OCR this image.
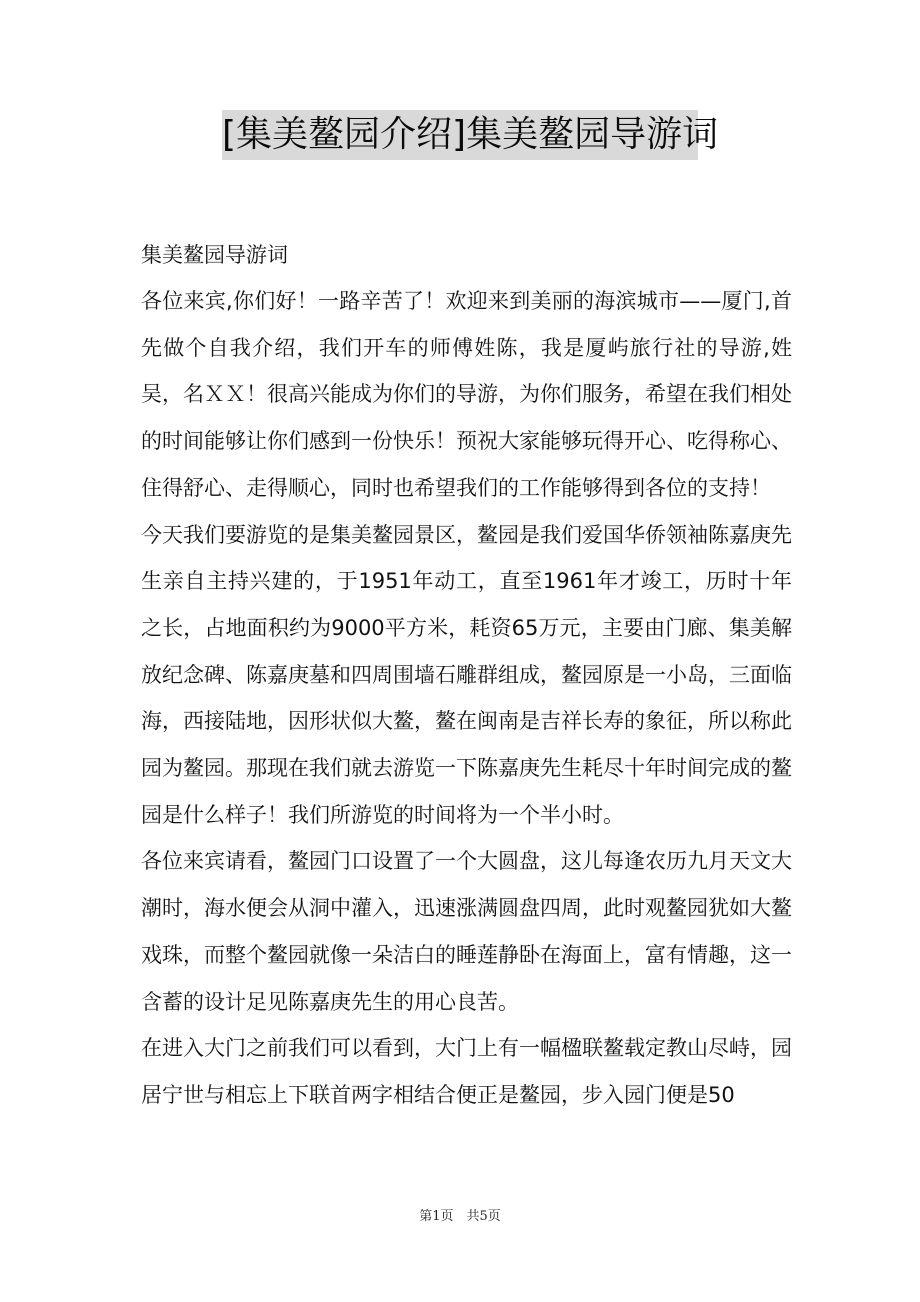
[集美鳌园介绍]集美鳌园导游词
集美鳌园导游词

各位来宾,你们好！一路辛苦了！欢迎来到美丽的海滨城市——厦门,首先做个自我介绍，我们开车的师傅姓陈，我是厦屿旅行社的导游,姓吴，名ＸＸ！很高兴能成为你们的导游，为你们服务，希望在我们相处的时间能够让你们感到一份快乐！预祝大家能够玩得开心、吃得称心、住得舒心、走得顺心，同时也希望我们的工作能够得到各位的支持！

今天我们要游览的是集美鳌园景区，鳌园是我们爱国华侨领袖陈嘉庚先生亲自主持兴建的，于1951年动工，直至1961年才竣工，历时十年之长，占地面积约为9000平方米，耗资65万元，主要由门廊、集美解放纪念碑、陈嘉庚墓和四周围墙石雕群组成，鳌园原是一小岛，三面临海，西接陆地，因形状似大鳌，鳌在闽南是吉祥长寿的象征，所以称此园为鳌园。那现在我们就去游览一下陈嘉庚先生耗尽十年时间完成的鳌园是什么样子！我们所游览的时间将为一个半小时。

各位来宾请看，鳌园门口设置了一个大圆盘，这儿每逢农历九月天文大潮时，海水便会从洞中灌入，迅速涨满圆盘四周，此时观鳌园犹如大鳌戏珠，而整个鳌园就像一朵洁白的睡莲静卧在海面上，富有情趣，这一含蓄的设计足见陈嘉庚先生的用心良苦。

在进入大门之前我们可以看到，大门上有一幅楹联鳌载定教山尽峙，园居宁世与相忘上下联首两字相结合便正是鳌园，步入园门便是50

第1页　共5页
